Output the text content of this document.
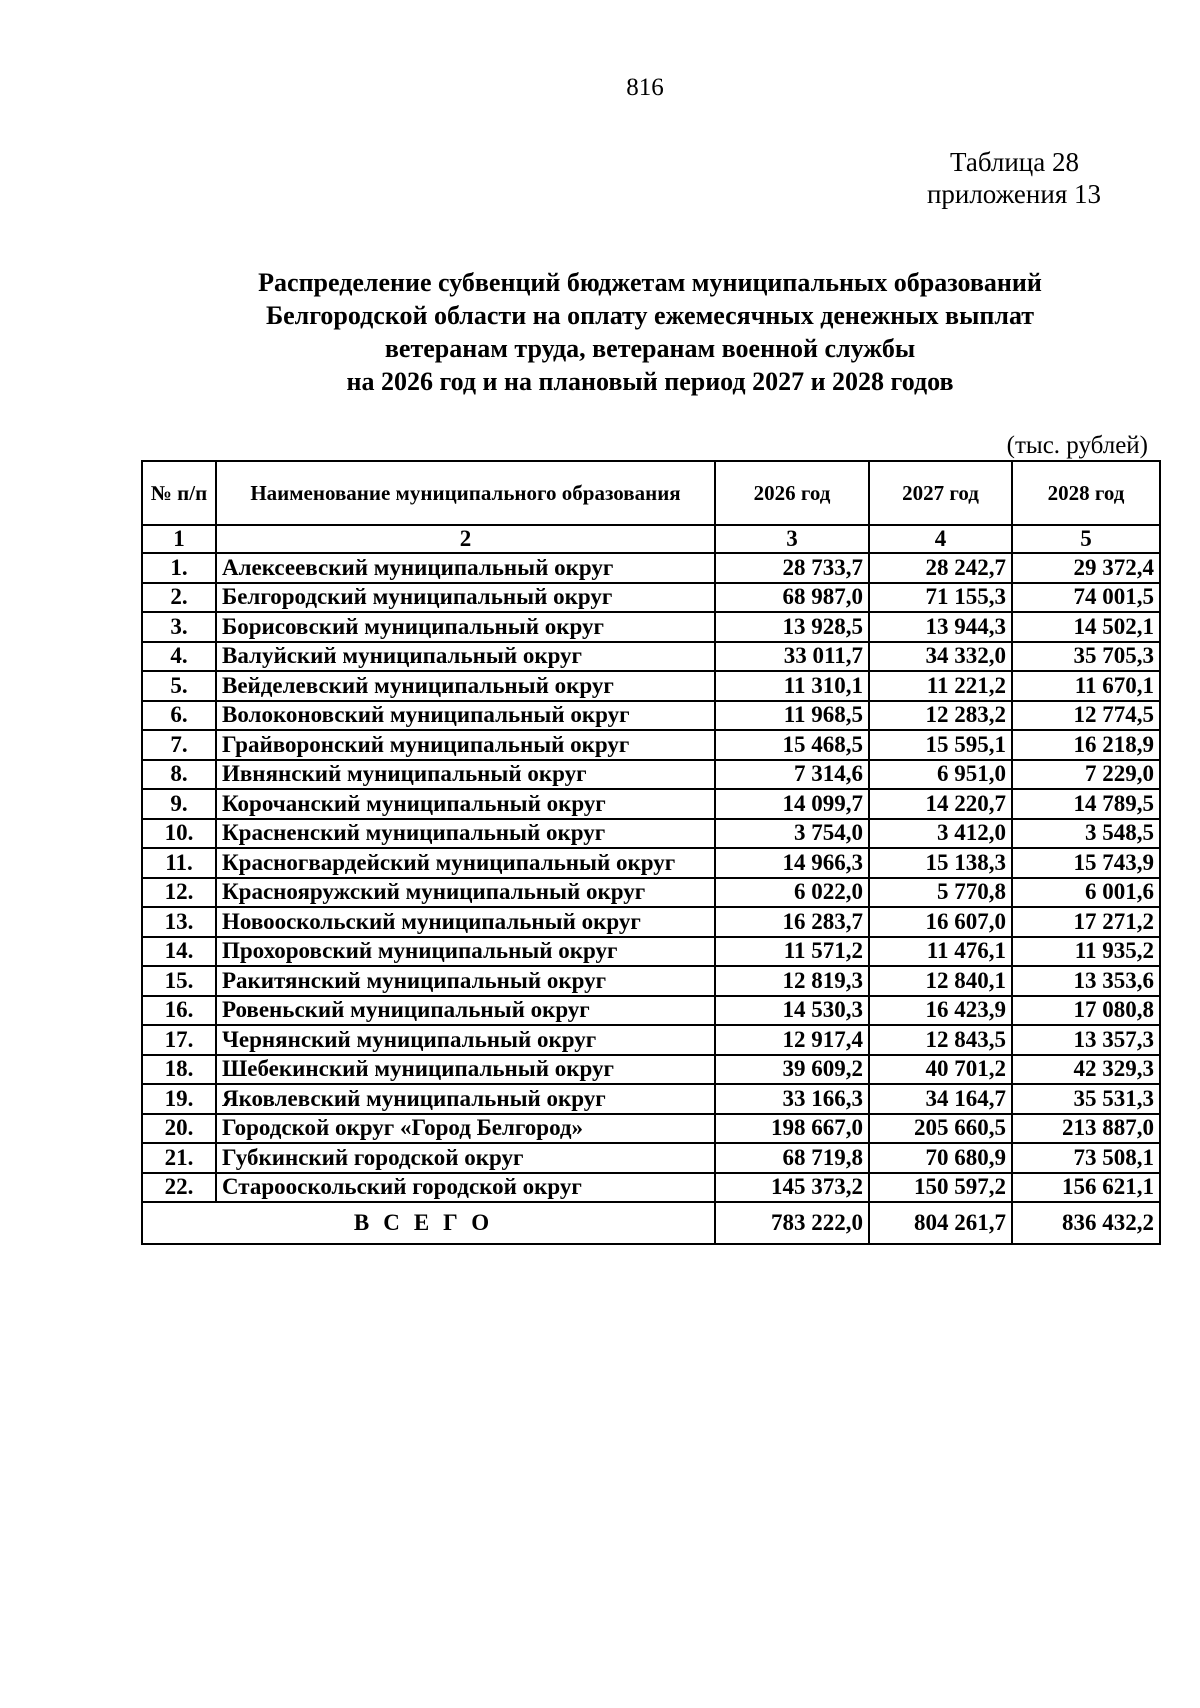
816
Таблица 28
приложения 13
Распределение субвенций бюджетам муниципальных образований
Белгородской области на оплату ежемесячных денежных выплат
ветеранам труда, ветеранам военной службы
на 2026 год и на плановый период 2027 и 2028 годов
(тыс. рублей)
№ п/п	Наименование муниципального образования	2026 год	2027 год	2028 год
1	2	3	4	5
1.	Алексеевский муниципальный округ	28 733,7	28 242,7	29 372,4
2.	Белгородский муниципальный округ	68 987,0	71 155,3	74 001,5
3.	Борисовский муниципальный округ	13 928,5	13 944,3	14 502,1
4.	Валуйский муниципальный округ	33 011,7	34 332,0	35 705,3
5.	Вейделевский муниципальный округ	11 310,1	11 221,2	11 670,1
6.	Волоконовский муниципальный округ	11 968,5	12 283,2	12 774,5
7.	Грайворонский муниципальный округ	15 468,5	15 595,1	16 218,9
8.	Ивнянский муниципальный округ	7 314,6	6 951,0	7 229,0
9.	Корочанский муниципальный округ	14 099,7	14 220,7	14 789,5
10.	Красненский муниципальный округ	3 754,0	3 412,0	3 548,5
11.	Красногвардейский муниципальный округ	14 966,3	15 138,3	15 743,9
12.	Краснояружский муниципальный округ	6 022,0	5 770,8	6 001,6
13.	Новооскольский муниципальный округ	16 283,7	16 607,0	17 271,2
14.	Прохоровский муниципальный округ	11 571,2	11 476,1	11 935,2
15.	Ракитянский муниципальный округ	12 819,3	12 840,1	13 353,6
16.	Ровеньский муниципальный округ	14 530,3	16 423,9	17 080,8
17.	Чернянский муниципальный округ	12 917,4	12 843,5	13 357,3
18.	Шебекинский муниципальный округ	39 609,2	40 701,2	42 329,3
19.	Яковлевский муниципальный округ	33 166,3	34 164,7	35 531,3
20.	Городской округ «Город Белгород»	198 667,0	205 660,5	213 887,0
21.	Губкинский городской округ	68 719,8	70 680,9	73 508,1
22.	Старооскольский городской округ	145 373,2	150 597,2	156 621,1
ВСЕГО		783 222,0	804 261,7	836 432,2
